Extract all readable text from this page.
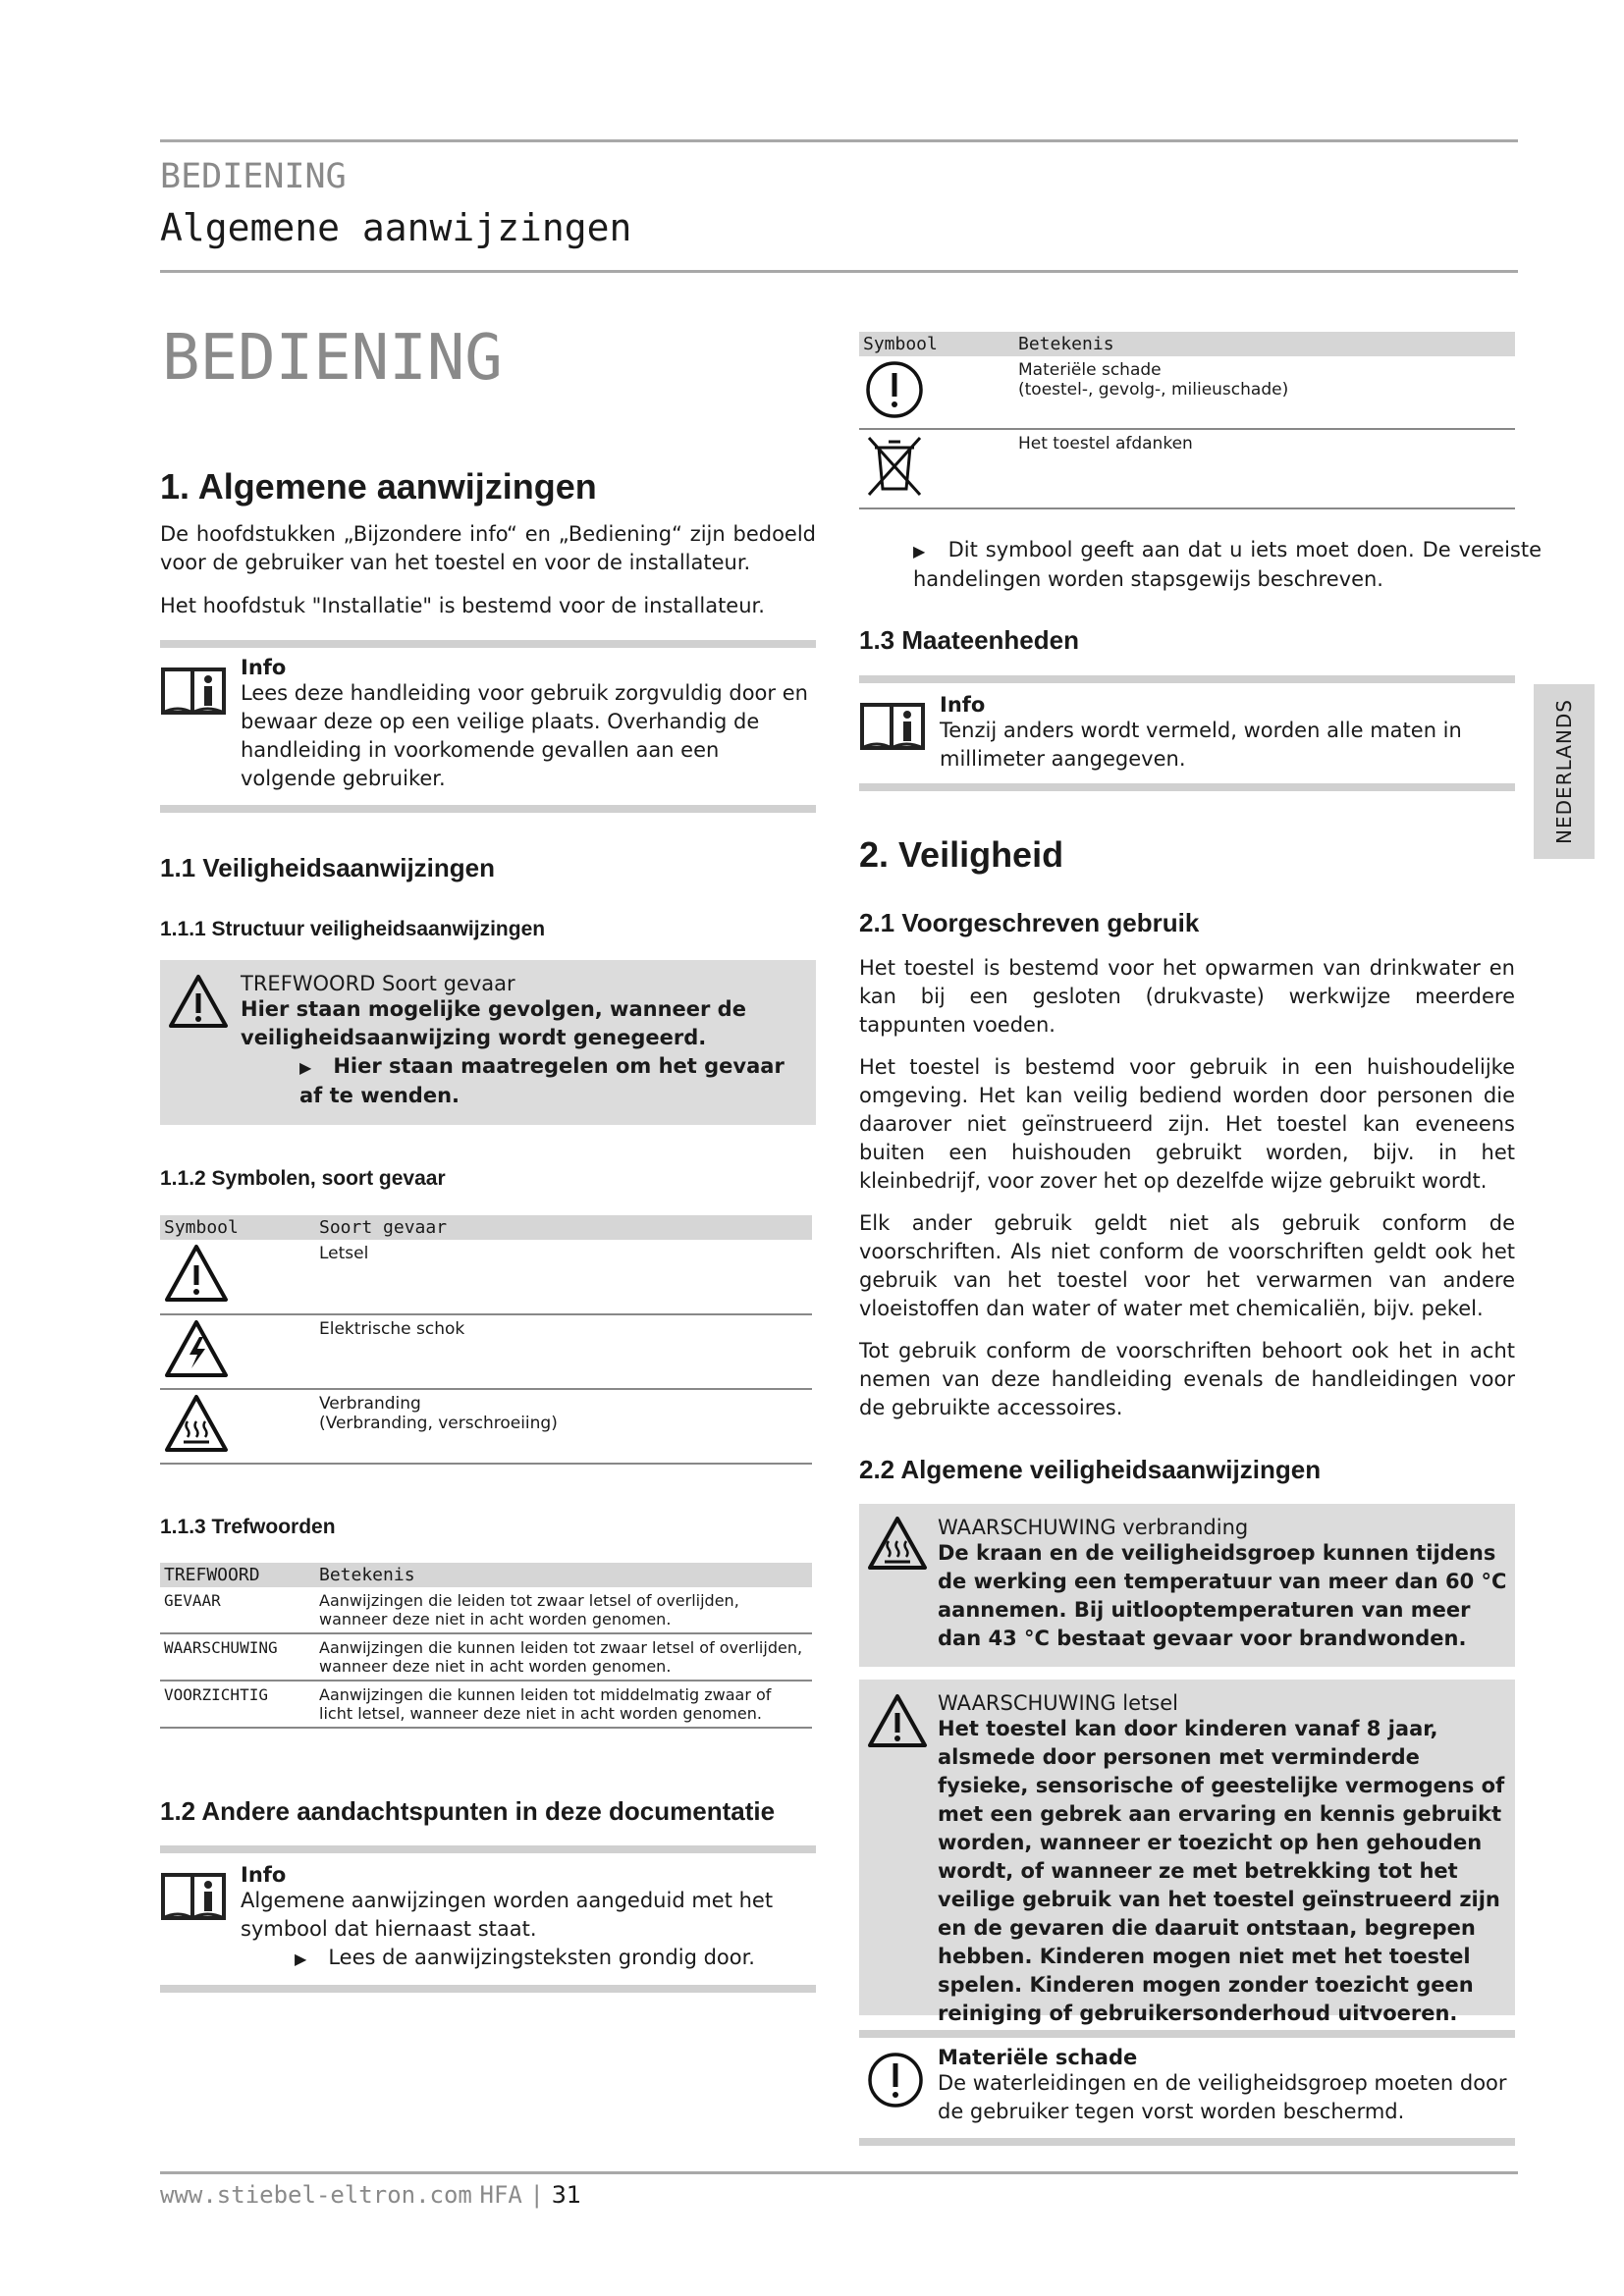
BEDIENING
Algemene aanwijzingen
BEDIENING
1. Algemene aanwijzingen

De hoofdstukken „Bijzondere info“ en „Bediening“ zijn bedoeld voor de gebruiker van het toestel en voor de installateur.

Het hoofdstuk "Installatie" is bestemd voor de installateur.

Info
Lees deze handleiding voor gebruik zorgvuldig door en bewaar deze op een veilige plaats. Overhandig de handleiding in voorkomende gevallen aan een volgende gebruiker.
1.1 Veiligheidsaanwijzingen
1.1.1 Structuur veiligheidsaanwijzingen
TREFWOORD Soort gevaar
Hier staan mogelijke gevolgen, wanneer de veiligheidsaanwijzing wordt genegeerd.
▶ Hier staan maatregelen om het gevaar af te wenden.
1.1.2 Symbolen, soort gevaar
Symbool	Soort gevaar
	Letsel
	Elektrische schok
	Verbranding
(Verbranding, verschroeiing)
1.1.3 Trefwoorden
TREFWOORD	Betekenis
GEVAAR	Aanwijzingen die leiden tot zwaar letsel of overlijden, wanneer deze niet in acht worden genomen.
WAARSCHUWING	Aanwijzingen die kunnen leiden tot zwaar letsel of overlijden, wanneer deze niet in acht worden genomen.
VOORZICHTIG	Aanwijzingen die kunnen leiden tot middelmatig zwaar of licht letsel, wanneer deze niet in acht worden genomen.
1.2 Andere aandachtspunten in deze documentatie
Info
Algemene aanwijzingen worden aangeduid met het symbool dat hiernaast staat.
▶ Lees de aanwijzingsteksten grondig door.
Symbool	Betekenis
	Materiële schade
(toestel-, gevolg-, milieuschade)
	Het toestel afdanken

▶ Dit symbool geeft aan dat u iets moet doen. De vereiste handelingen worden stapsgewijs beschreven.

1.3 Maateenheden
Info
Tenzij anders wordt vermeld, worden alle maten in millimeter aangegeven.	NEDERLANDS
2. Veiligheid
2.1 Voorgeschreven gebruik

Het toestel is bestemd voor het opwarmen van drinkwater en kan bij een gesloten (drukvaste) werkwijze meerdere tappunten voeden.

Het toestel is bestemd voor gebruik in een huishoudelijke omgeving. Het kan veilig bediend worden door personen die daarover niet geïnstrueerd zijn. Het toestel kan eveneens buiten een huishouden gebruikt worden, bijv. in het kleinbedrijf, voor zover het op dezelfde wijze gebruikt wordt.

Elk ander gebruik geldt niet als gebruik conform de voorschriften. Als niet conform de voorschriften geldt ook het gebruik van het toestel voor het verwarmen van andere vloeistoffen dan water of water met chemicaliën, bijv. pekel.

Tot gebruik conform de voorschriften behoort ook het in acht nemen van deze handleiding evenals de handleidingen voor de gebruikte accessoires.

2.2 Algemene veiligheidsaanwijzingen
WAARSCHUWING verbranding
De kraan en de veiligheidsgroep kunnen tijdens de werking een temperatuur van meer dan 60 °C aannemen. Bij uitlooptemperaturen van meer dan 43 °C bestaat gevaar voor brandwonden.
WAARSCHUWING letsel
Het toestel kan door kinderen vanaf 8 jaar, alsmede door personen met verminderde fysieke, sensorische of geestelijke vermogens of met een gebrek aan ervaring en kennis gebruikt worden, wanneer er toezicht op hen gehouden wordt, of wanneer ze met betrekking tot het veilige gebruik van het toestel geïnstrueerd zijn en de gevaren die daaruit ontstaan, begrepen hebben. Kinderen mogen niet met het toestel spelen. Kinderen mogen zonder toezicht geen reiniging of gebruikersonderhoud uitvoeren.
Materiële schade
De waterleidingen en de veiligheidsgroep moeten door de gebruiker tegen vorst worden beschermd.
www.stiebel-eltron.com HFA | 31
